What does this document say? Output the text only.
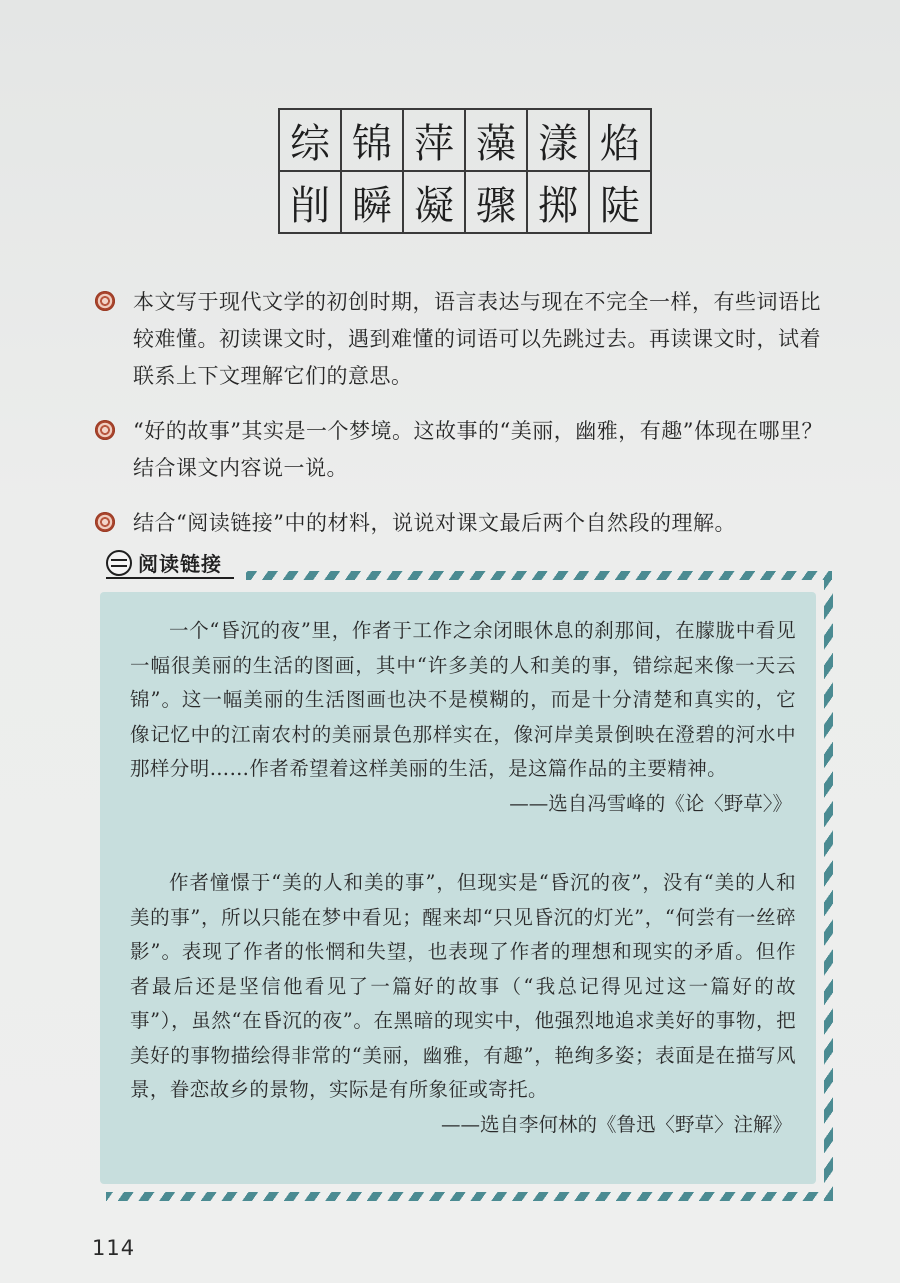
综 锦 萍 藻 漾 焰
削 瞬 凝 骤 掷 陡
本文写于现代文学的初创时期，语言表达与现在不完全一样，有些词语比较难懂。初读课文时，遇到难懂的词语可以先跳过去。再读课文时，试着联系上下文理解它们的意思。
“好的故事”其实是一个梦境。这故事的“美丽，幽雅，有趣”体现在哪里？结合课文内容说一说。
结合“阅读链接”中的材料，说说对课文最后两个自然段的理解。
阅读链接

一个“昏沉的夜”里，作者于工作之余闭眼休息的刹那间，在朦胧中看见一幅很美丽的生活的图画，其中“许多美的人和美的事，错综起来像一天云锦”。这一幅美丽的生活图画也决不是模糊的，而是十分清楚和真实的，它像记忆中的江南农村的美丽景色那样实在，像河岸美景倒映在澄碧的河水中那样分明……作者希望着这样美丽的生活，是这篇作品的主要精神。

——选自冯雪峰的《论〈野草〉》

作者憧憬于“美的人和美的事”，但现实是“昏沉的夜”，没有“美的人和美的事”，所以只能在梦中看见；醒来却“只见昏沉的灯光”，“何尝有一丝碎影”。表现了作者的怅惘和失望，也表现了作者的理想和现实的矛盾。但作者最后还是坚信他看见了一篇好的故事（“我总记得见过这一篇好的故事”），虽然“在昏沉的夜”。在黑暗的现实中，他强烈地追求美好的事物，把美好的事物描绘得非常的“美丽，幽雅，有趣”，艳绚多姿；表面是在描写风景，眷恋故乡的景物，实际是有所象征或寄托。

——选自李何林的《鲁迅〈野草〉注解》

114
